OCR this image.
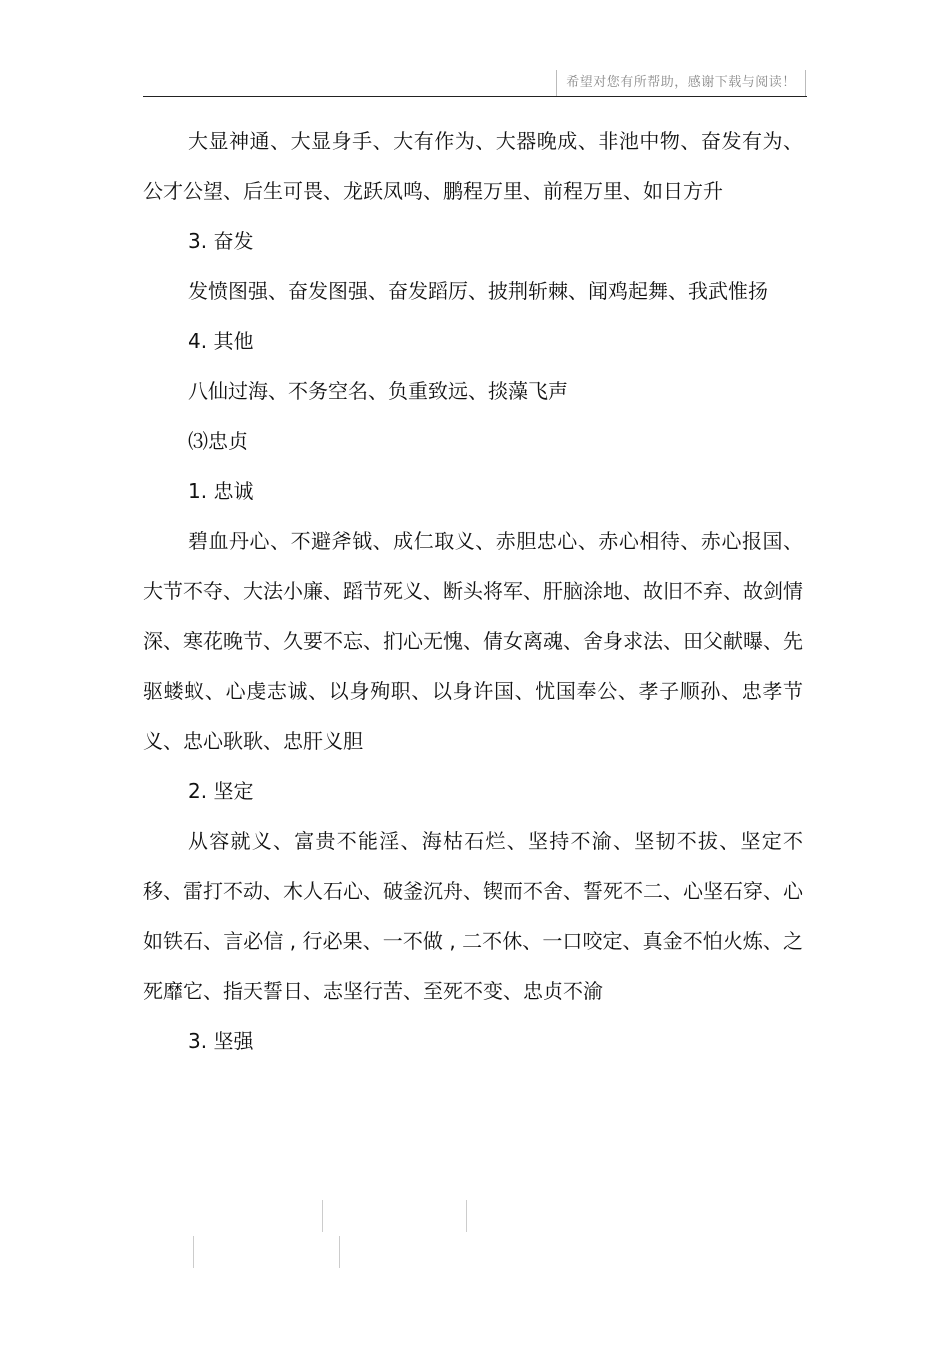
希望对您有所帮助，感谢下载与阅读！

大显神通、大显身手、大有作为、大器晚成、非池中物、奋发有为、公才公望、后生可畏、龙跃凤鸣、鹏程万里、前程万里、如日方升

3. 奋发

发愤图强、奋发图强、奋发蹈厉、披荆斩棘、闻鸡起舞、我武惟扬

4. 其他

八仙过海、不务空名、负重致远、掞藻飞声

⑶忠贞

1. 忠诚

碧血丹心、不避斧钺、成仁取义、赤胆忠心、赤心相待、赤心报国、大节不夺、大法小廉、蹈节死义、断头将军、肝脑涂地、故旧不弃、故剑情深、寒花晚节、久要不忘、扪心无愧、倩女离魂、舍身求法、田父献曝、先驱蝼蚁、心虔志诚、以身殉职、以身许国、忧国奉公、孝子顺孙、忠孝节义、忠心耿耿、忠肝义胆

2. 坚定

从容就义、富贵不能淫、海枯石烂、坚持不渝、坚韧不拔、坚定不移、雷打不动、木人石心、破釜沉舟、锲而不舍、誓死不二、心坚石穿、心如铁石、言必信 , 行必果、一不做 , 二不休、一口咬定、真金不怕火炼、之死靡它、指天誓日、志坚行苦、至死不变、忠贞不渝

3. 坚强
